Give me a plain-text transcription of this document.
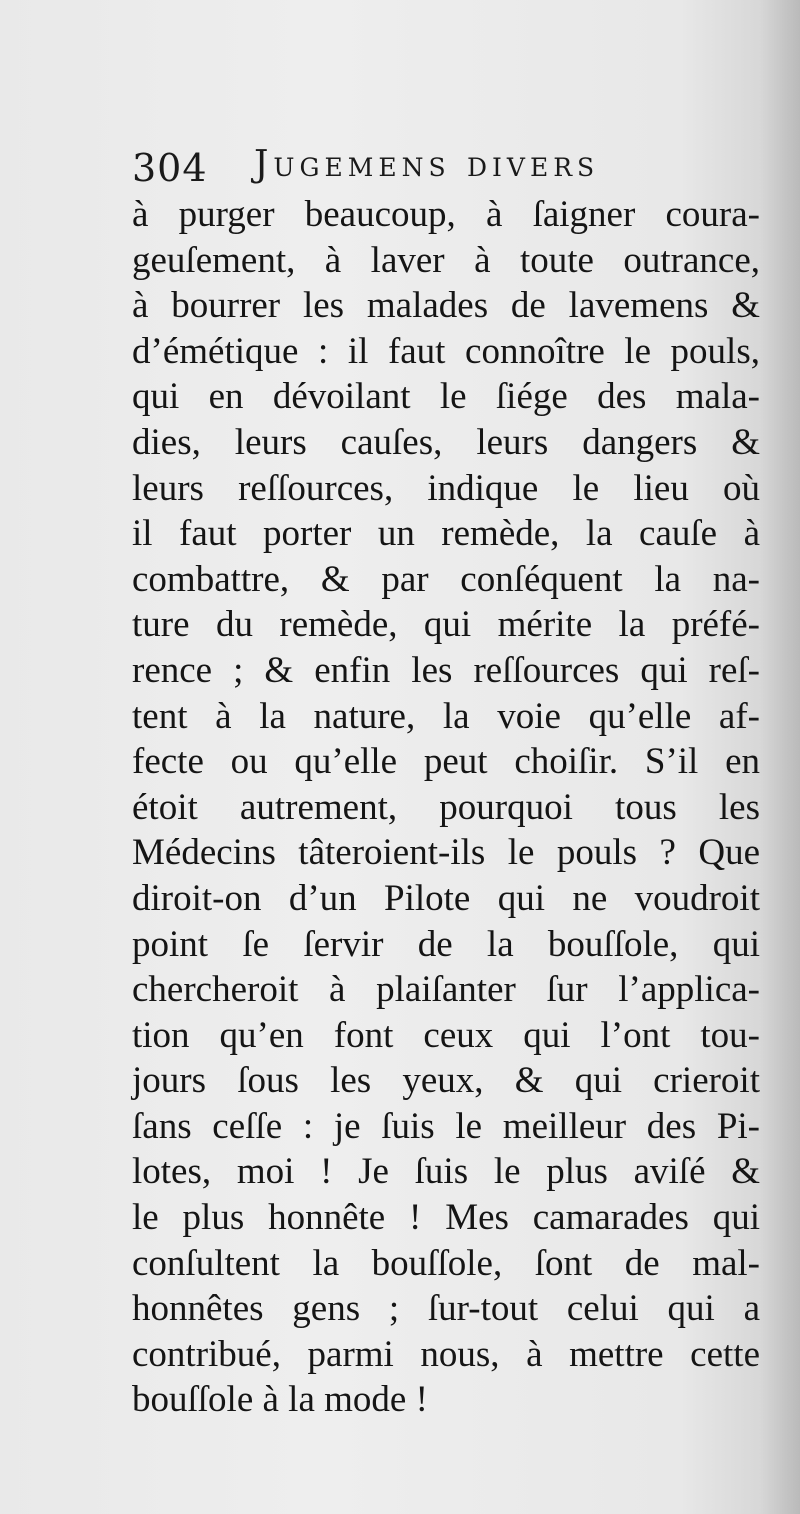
304 Jugemens divers
à purger beaucoup, à ſaigner coura-
geuſement, à laver à toute outrance,
à bourrer les malades de lavemens &
d’émétique : il faut connoître le pouls,
qui en dévoilant le ſiége des mala-
dies, leurs cauſes, leurs dangers &
leurs reſſources, indique le lieu où
il faut porter un remède, la cauſe à
combattre, & par conſéquent la na-
ture du remède, qui mérite la préfé-
rence ; & enfin les reſſources qui reſ-
tent à la nature, la voie qu’elle af-
fecte ou qu’elle peut choiſir. S’il en
étoit autrement, pourquoi tous les
Médecins tâteroient-ils le pouls ? Que
diroit-on d’un Pilote qui ne voudroit
point ſe ſervir de la bouſſole, qui
chercheroit à plaiſanter ſur l’applica-
tion qu’en font ceux qui l’ont tou-
jours ſous les yeux, & qui crieroit
ſans ceſſe : je ſuis le meilleur des Pi-
lotes, moi ! Je ſuis le plus aviſé &
le plus honnête ! Mes camarades qui
conſultent la bouſſole, ſont de mal-
honnêtes gens ; ſur-tout celui qui a
contribué, parmi nous, à mettre cette
bouſſole à la mode !
